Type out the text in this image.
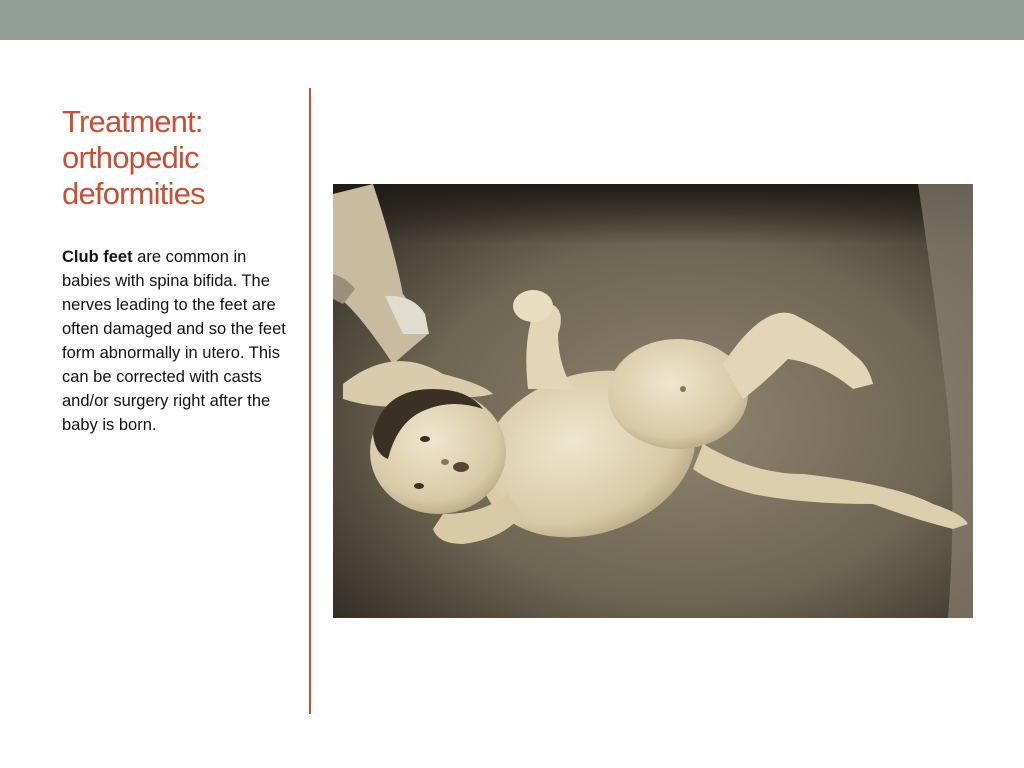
Treatment:
orthopedic
deformities

Club feet are common in babies with spina bifida. The nerves leading to the feet are often damaged and so the feet form abnormally in utero. This can be corrected with casts and/or surgery right after the baby is born.
